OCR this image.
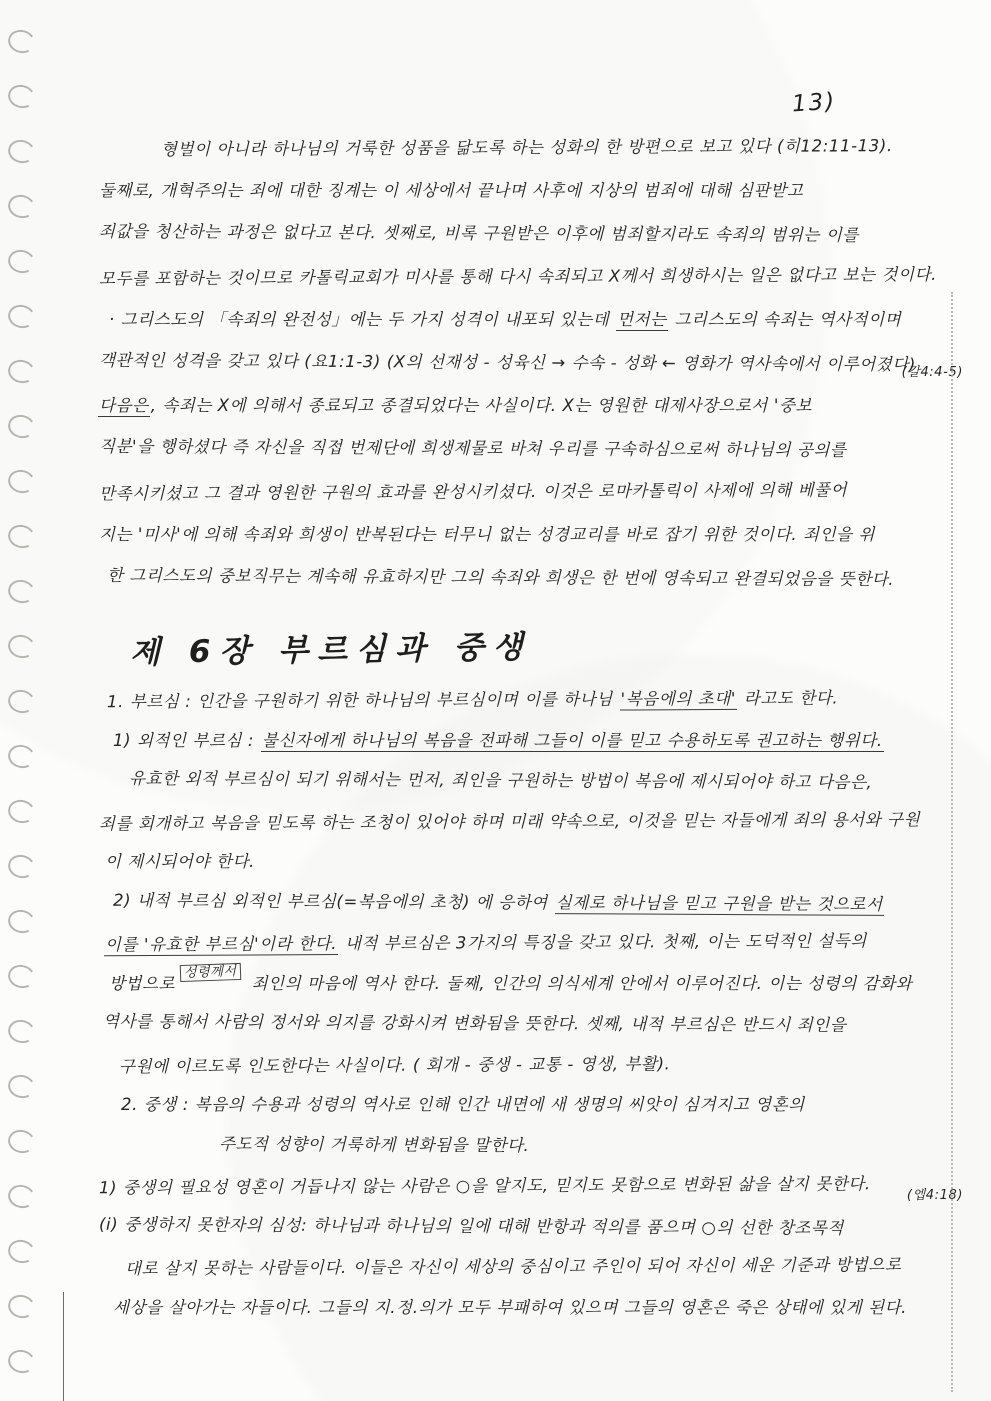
13)
형벌이 아니라 하나님의 거룩한 성품을 닮도록 하는 성화의 한 방편으로 보고 있다 (히12:11-13).
둘째로, 개혁주의는 죄에 대한 징계는 이 세상에서 끝나며 사후에 지상의 범죄에 대해 심판받고
죄값을 청산하는 과정은 없다고 본다. 셋째로, 비록 구원받은 이후에 범죄할지라도 속죄의 범위는 이를
모두를 포함하는 것이므로 카톨릭교회가 미사를 통해 다시 속죄되고 X께서 희생하시는 일은 없다고 보는 것이다.
· 그리스도의 「속죄의 완전성」에는 두 가지 성격이 내포되 있는데 먼저는 그리스도의 속죄는 역사적이며
객관적인 성격을 갖고 있다 (요1:1-3) (X의 선재성 - 성육신 → 수속 - 성화 ← 영화가 역사속에서 이루어졌다)
(갈4:4-5)
다음은 , 속죄는 X에 의해서 종료되고 종결되었다는 사실이다. X는 영원한 대제사장으로서 '중보
직분'을 행하셨다 즉 자신을 직접 번제단에 희생제물로 바쳐 우리를 구속하심으로써 하나님의 공의를
만족시키셨고 그 결과 영원한 구원의 효과를 완성시키셨다. 이것은 로마카톨릭이 사제에 의해 베풀어
지는 '미사'에 의해 속죄와 희생이 반복된다는 터무니 없는 성경교리를 바로 잡기 위한 것이다. 죄인을 위
한 그리스도의 중보직무는 계속해 유효하지만 그의 속죄와 희생은 한 번에 영속되고 완결되었음을 뜻한다.
제 6장 부르심과 중생
1. 부르심 : 인간을 구원하기 위한 하나님의 부르심이며 이를 하나님 '복음에의 초대' 라고도 한다.
1) 외적인 부르심 : 불신자에게 하나님의 복음을 전파해 그들이 이를 믿고 수용하도록 권고하는 행위다.
유효한 외적 부르심이 되기 위해서는 먼저, 죄인을 구원하는 방법이 복음에 제시되어야 하고 다음은,
죄를 회개하고 복음을 믿도록 하는 조청이 있어야 하며 미래 약속으로, 이것을 믿는 자들에게 죄의 용서와 구원
이 제시되어야 한다.
2) 내적 부르심 외적인 부르심(=복음에의 초청) 에 응하여 실제로 하나님을 믿고 구원을 받는 것으로서
이를 '유효한 부르심'이라 한다. 내적 부르심은 3가지의 특징을 갖고 있다. 첫째, 이는 도덕적인 설득의
방법으로성령께서 죄인의 마음에 역사 한다. 둘째, 인간의 의식세계 안에서 이루어진다. 이는 성령의 감화와
역사를 통해서 사람의 정서와 의지를 강화시켜 변화됨을 뜻한다. 셋째, 내적 부르심은 반드시 죄인을
구원에 이르도록 인도한다는 사실이다. ( 회개 - 중생 - 교통 - 영생, 부활).
2. 중생 : 복음의 수용과 성령의 역사로 인해 인간 내면에 새 생명의 씨앗이 심겨지고 영혼의
주도적 성향이 거룩하게 변화됨을 말한다.
1) 중생의 필요성 영혼이 거듭나지 않는 사람은 ○을 알지도, 믿지도 못함으로 변화된 삶을 살지 못한다.	(엡4:18)
(i) 중생하지 못한자의 심성: 하나님과 하나님의 일에 대해 반항과 적의를 품으며 ○의 선한 창조목적
대로 살지 못하는 사람들이다. 이들은 자신이 세상의 중심이고 주인이 되어 자신이 세운 기준과 방법으로
세상을 살아가는 자들이다. 그들의 지.정.의가 모두 부패하여 있으며 그들의 영혼은 죽은 상태에 있게 된다.
